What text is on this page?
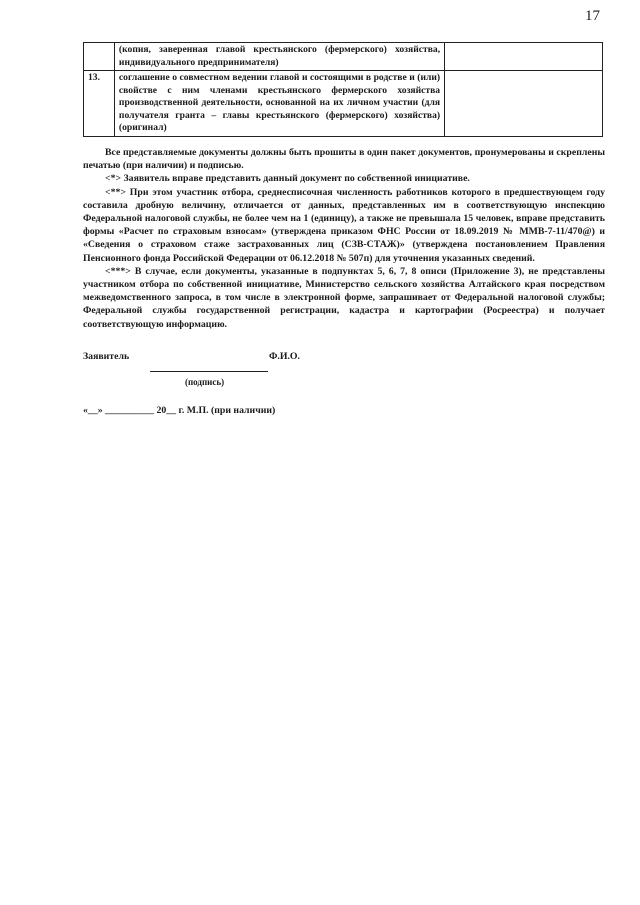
17
	(копия, заверенная главой крестьянского (фермерского) хозяйства, индивидуального предпринимателя)	
13.	соглашение о совместном ведении главой и состоящими в родстве и (или) свойстве с ним членами крестьянского фермерского хозяйства производственной деятельности, основанной на их личном участии (для получателя гранта – главы крестьянского (фермерского) хозяйства) (оригинал)	

Все представляемые документы должны быть прошиты в один пакет документов, пронумерованы и скреплены печатью (при наличии) и подписью.

<*> Заявитель вправе представить данный документ по собственной инициативе.

<**> При этом участник отбора, среднесписочная численность работников которого в предшествующем году составила дробную величину, отличается от данных, представленных им в соответствующую инспекцию Федеральной налоговой службы, не более чем на 1 (единицу), а также не превышала 15 человек, вправе представить формы «Расчет по страховым взносам» (утверждена приказом ФНС России от 18.09.2019 № ММВ-7-11/470@) и «Сведения о страховом стаже застрахованных лиц (СЗВ-СТАЖ)» (утверждена постановлением Правления Пенсионного фонда Российской Федерации от 06.12.2018 № 507п) для уточнения указанных сведений.

<***> В случае, если документы, указанные в подпунктах 5, 6, 7, 8 описи (Приложение 3), не представлены участником отбора по собственной инициативе, Министерство сельского хозяйства Алтайского края посредством межведомственного запроса, в том числе в электронной форме, запрашивает от Федеральной налоговой службы; Федеральной службы государственной регистрации, кадастра и картографии (Росреестра) и получает соответствующую информацию.

Заявитель	Ф.И.О.
(подпись)
«__» __________ 20__ г. М.П. (при наличии)
